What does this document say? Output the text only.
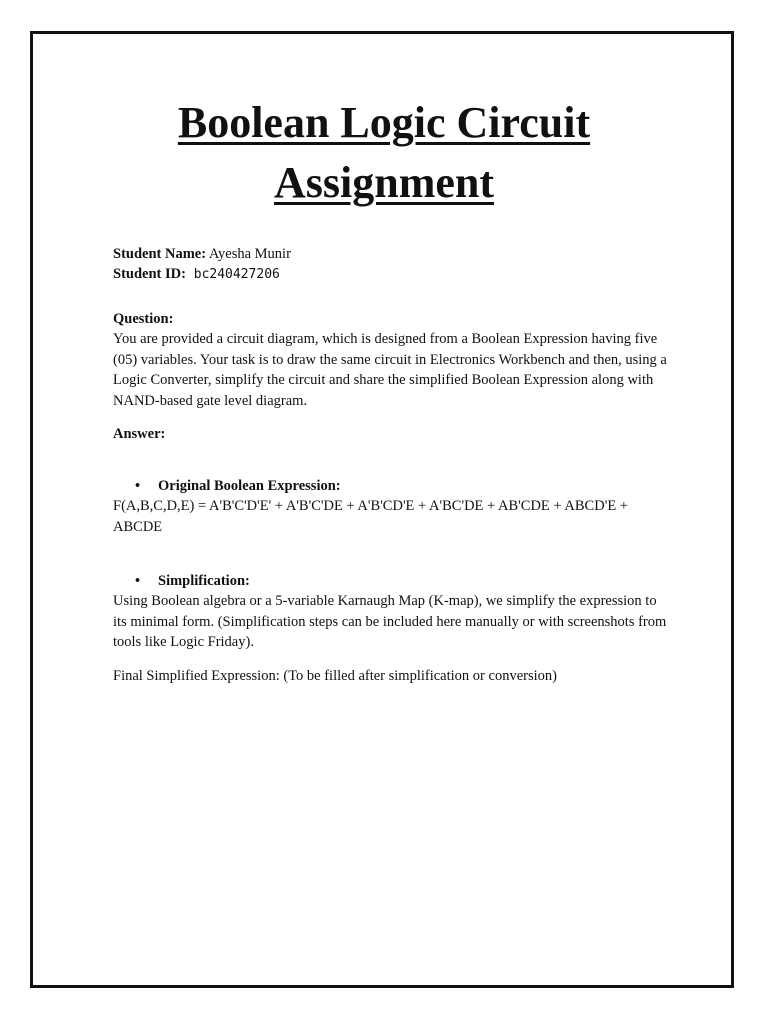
Boolean Logic Circuit
Assignment

Student Name: Ayesha Munir

Student ID: bc240427206

Question:

You are provided a circuit diagram, which is designed from a Boolean Expression having five (05) variables. Your task is to draw the same circuit in Electronics Workbench and then, using a Logic Converter, simplify the circuit and share the simplified Boolean Expression along with NAND-based gate level diagram.

Answer:

• Original Boolean Expression:

F(A,B,C,D,E) = A'B'C'D'E' + A'B'C'DE + A'B'CD'E + A'BC'DE + AB'CDE + ABCD'E + ABCDE

• Simplification:

Using Boolean algebra or a 5-variable Karnaugh Map (K-map), we simplify the expression to its minimal form. (Simplification steps can be included here manually or with screenshots from tools like Logic Friday).

Final Simplified Expression: (To be filled after simplification or conversion)
